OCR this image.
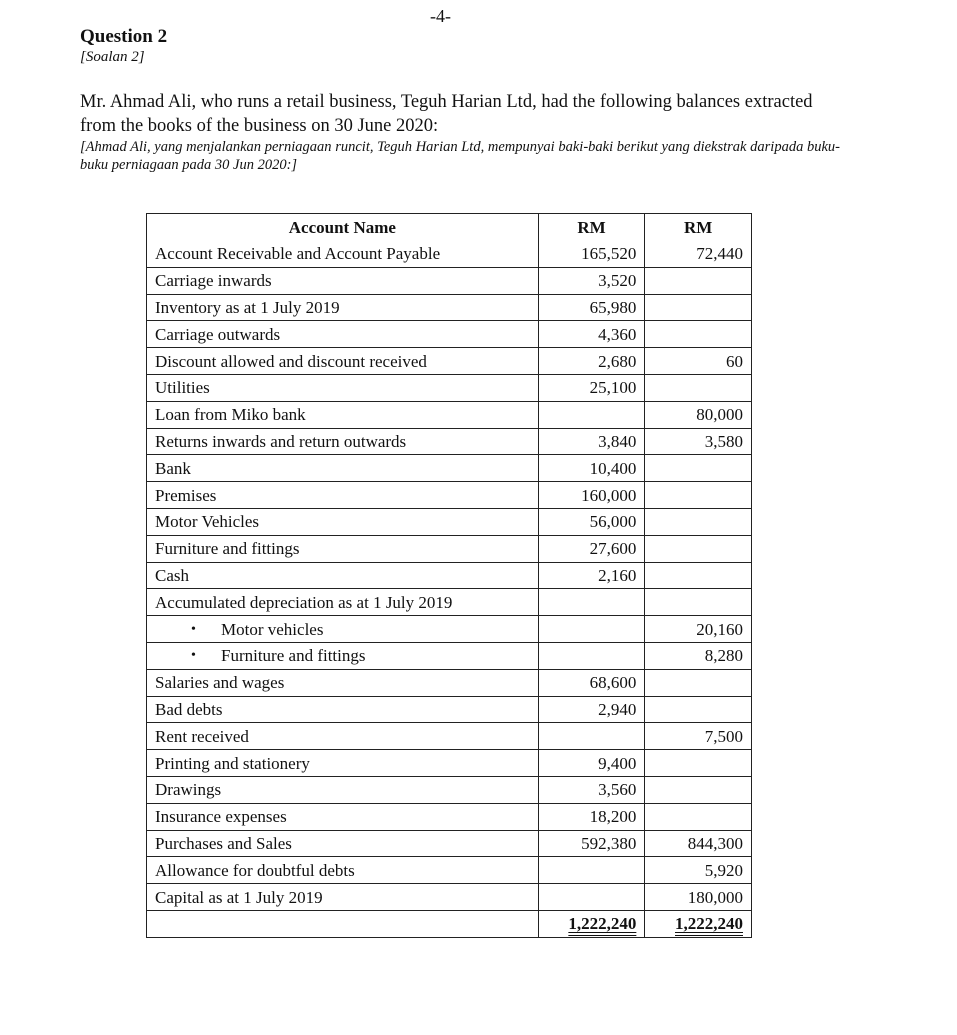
-4-
Question 2
[Soalan 2]
Mr. Ahmad Ali, who runs a retail business, Teguh Harian Ltd, had the following balances extracted from the books of the business on 30 June 2020:
[Ahmad Ali, yang menjalankan perniagaan runcit, Teguh Harian Ltd, mempunyai baki-baki berikut yang diekstrak daripada buku-buku perniagaan pada 30 Jun 2020:]
Account Name	RM	RM
Account Receivable and Account Payable	165,520	72,440
Carriage inwards	3,520	
Inventory as at 1 July 2019	65,980	
Carriage outwards	4,360	
Discount allowed and discount received	2,680	60
Utilities	25,100	
Loan from Miko bank		80,000
Returns inwards and return outwards	3,840	3,580
Bank	10,400	
Premises	160,000	
Motor Vehicles	56,000	
Furniture and fittings	27,600	
Cash	2,160	
Accumulated depreciation as at 1 July 2019		

• Motor vehicles		20,160

• Furniture and fittings		8,280
Salaries and wages	68,600	
Bad debts	2,940	
Rent received		7,500
Printing and stationery	9,400	
Drawings	3,560	
Insurance expenses	18,200	
Purchases and Sales	592,380	844,300
Allowance for doubtful debts		5,920
Capital as at 1 July 2019		180,000
	1,222,240	1,222,240
